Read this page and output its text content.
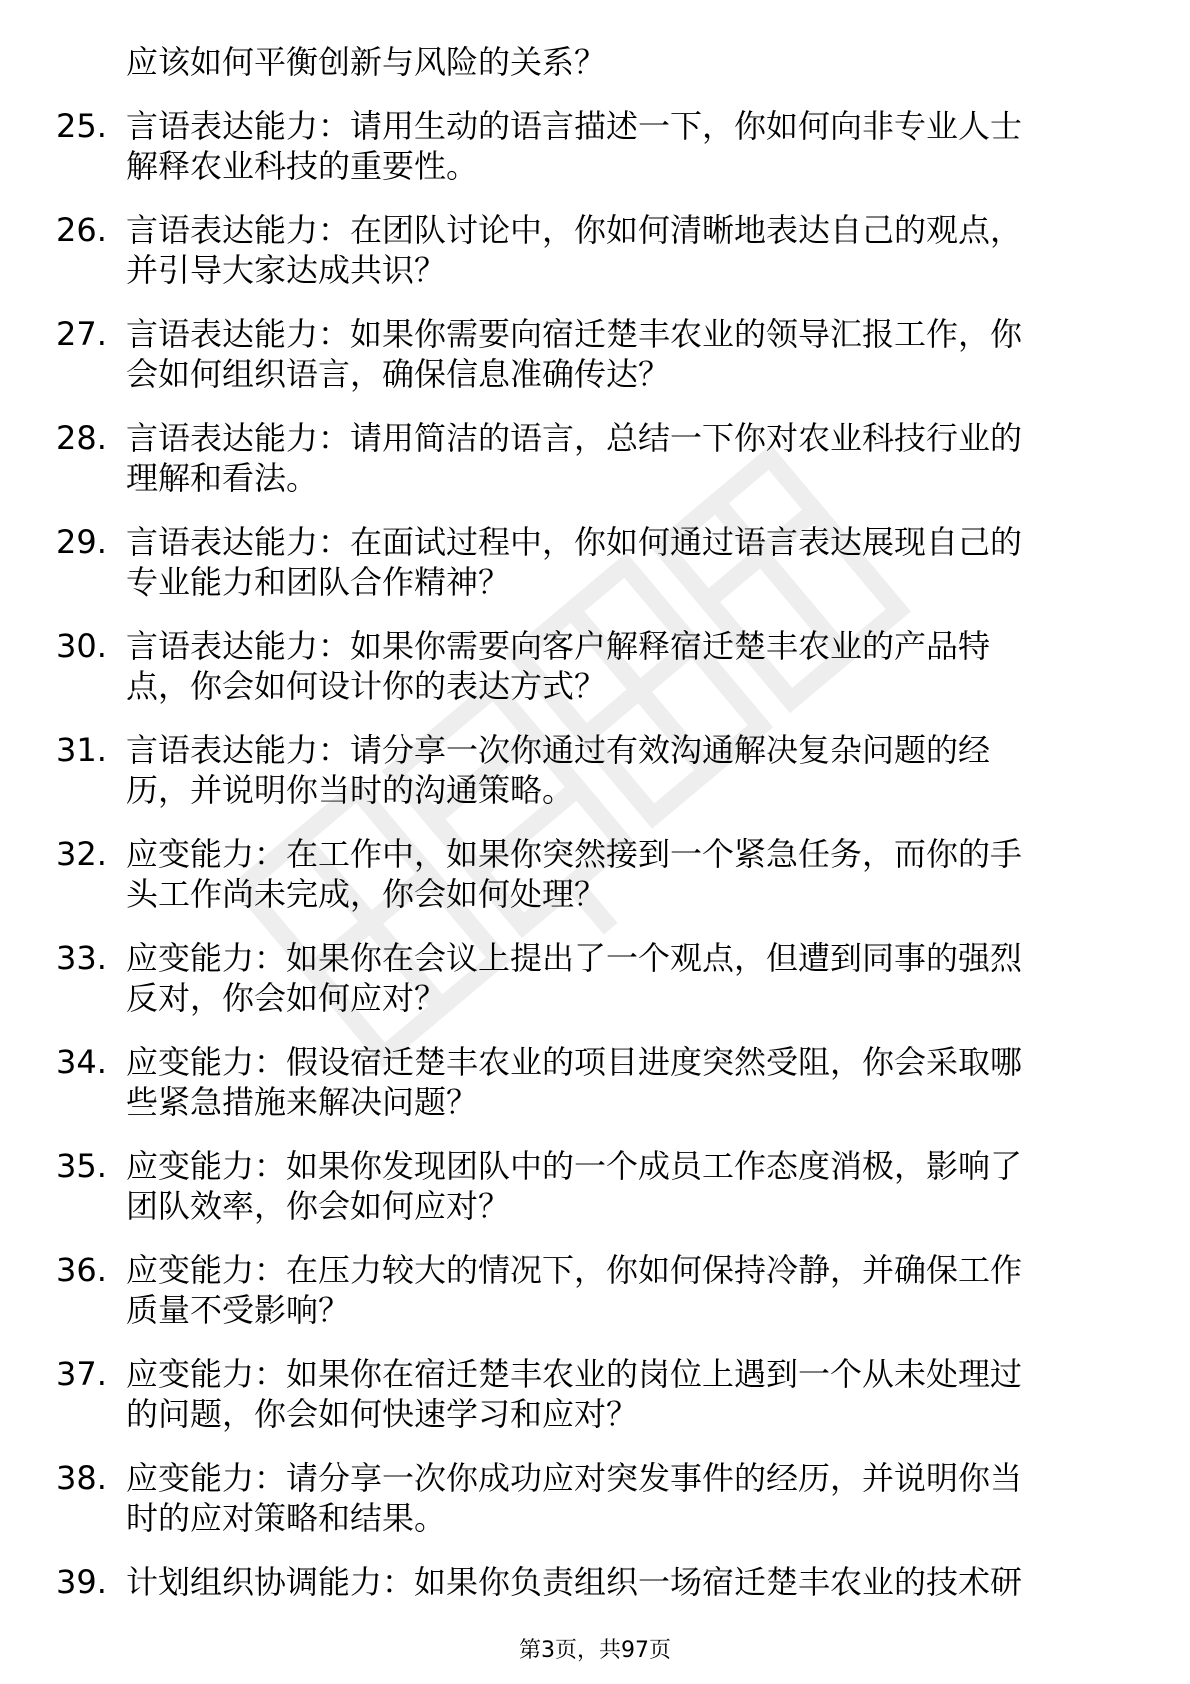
应该如何平衡创新与风险的关系？
25. 言语表达能力：请用生动的语言描述一下，你如何向非专业人士
解释农业科技的重要性。
26. 言语表达能力：在团队讨论中，你如何清晰地表达自己的观点，
并引导大家达成共识？
27. 言语表达能力：如果你需要向宿迁楚丰农业的领导汇报工作，你
会如何组织语言，确保信息准确传达？
28. 言语表达能力：请用简洁的语言，总结一下你对农业科技行业的
理解和看法。
29. 言语表达能力：在面试过程中，你如何通过语言表达展现自己的
专业能力和团队合作精神？
30. 言语表达能力：如果你需要向客户解释宿迁楚丰农业的产品特
点，你会如何设计你的表达方式？
31. 言语表达能力：请分享一次你通过有效沟通解决复杂问题的经
历，并说明你当时的沟通策略。
32. 应变能力：在工作中，如果你突然接到一个紧急任务，而你的手
头工作尚未完成，你会如何处理？
33. 应变能力：如果你在会议上提出了一个观点，但遭到同事的强烈
反对，你会如何应对？
34. 应变能力：假设宿迁楚丰农业的项目进度突然受阻，你会采取哪
些紧急措施来解决问题？
35. 应变能力：如果你发现团队中的一个成员工作态度消极，影响了
团队效率，你会如何应对？
36. 应变能力：在压力较大的情况下，你如何保持冷静，并确保工作
质量不受影响？
37. 应变能力：如果你在宿迁楚丰农业的岗位上遇到一个从未处理过
的问题，你会如何快速学习和应对？
38. 应变能力：请分享一次你成功应对突发事件的经历，并说明你当
时的应对策略和结果。
39. 计划组织协调能力：如果你负责组织一场宿迁楚丰农业的技术研
第3页，共97页
